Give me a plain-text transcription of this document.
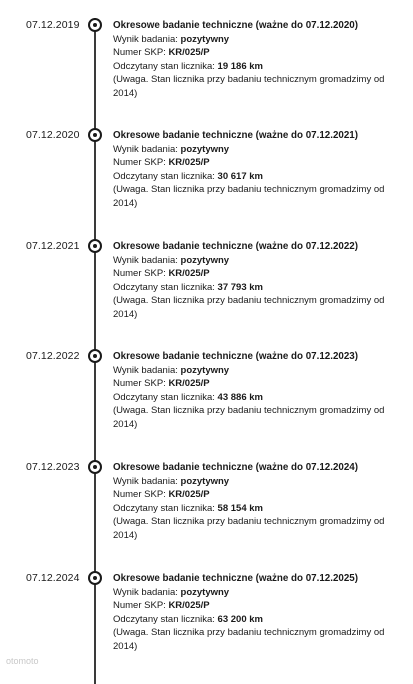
07.12.2019	Okresowe badanie techniczne (ważne do 07.12.2020)
Wynik badania: pozytywny
Numer SKP: KR/025/P
Odczytany stan licznika: 19 186 km
(Uwaga. Stan licznika przy badaniu technicznym gromadzimy od 2014)
07.12.2020	Okresowe badanie techniczne (ważne do 07.12.2021)
Wynik badania: pozytywny
Numer SKP: KR/025/P
Odczytany stan licznika: 30 617 km
(Uwaga. Stan licznika przy badaniu technicznym gromadzimy od 2014)
07.12.2021	Okresowe badanie techniczne (ważne do 07.12.2022)
Wynik badania: pozytywny
Numer SKP: KR/025/P
Odczytany stan licznika: 37 793 km
(Uwaga. Stan licznika przy badaniu technicznym gromadzimy od 2014)
07.12.2022	Okresowe badanie techniczne (ważne do 07.12.2023)
Wynik badania: pozytywny
Numer SKP: KR/025/P
Odczytany stan licznika: 43 886 km
(Uwaga. Stan licznika przy badaniu technicznym gromadzimy od 2014)
07.12.2023	Okresowe badanie techniczne (ważne do 07.12.2024)
Wynik badania: pozytywny
Numer SKP: KR/025/P
Odczytany stan licznika: 58 154 km
(Uwaga. Stan licznika przy badaniu technicznym gromadzimy od 2014)
07.12.2024	Okresowe badanie techniczne (ważne do 07.12.2025)
Wynik badania: pozytywny
Numer SKP: KR/025/P
Odczytany stan licznika: 63 200 km
(Uwaga. Stan licznika przy badaniu technicznym gromadzimy od 2014)
otomoto
